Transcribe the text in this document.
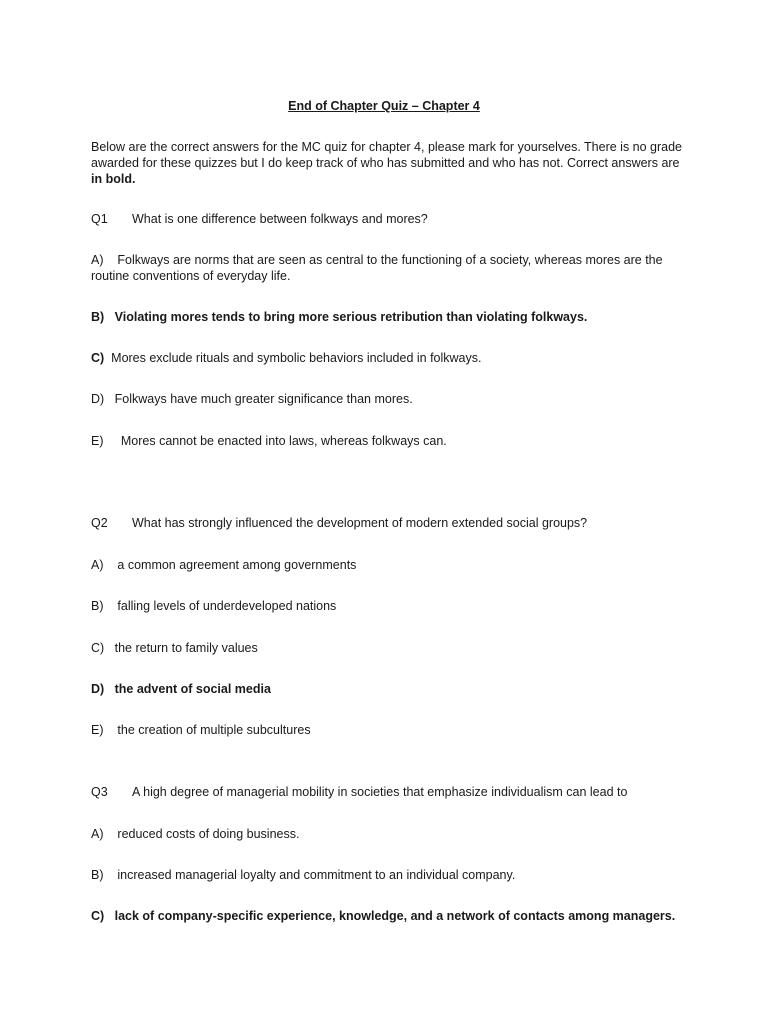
End of Chapter Quiz – Chapter 4
Below are the correct answers for the MC quiz for chapter 4, please mark for yourselves. There is no grade awarded for these quizzes but I do keep track of who has submitted and who has not. Correct answers are in bold.
Q1 What is one difference between folkways and mores?
A) Folkways are norms that are seen as central to the functioning of a society, whereas mores are the routine conventions of everyday life.
B) Violating mores tends to bring more serious retribution than violating folkways.
C) Mores exclude rituals and symbolic behaviors included in folkways.
D) Folkways have much greater significance than mores.
E) Mores cannot be enacted into laws, whereas folkways can.
Q2 What has strongly influenced the development of modern extended social groups?
A) a common agreement among governments
B) falling levels of underdeveloped nations
C) the return to family values
D) the advent of social media
E) the creation of multiple subcultures
Q3 A high degree of managerial mobility in societies that emphasize individualism can lead to
A) reduced costs of doing business.
B) increased managerial loyalty and commitment to an individual company.
C) lack of company-specific experience, knowledge, and a network of contacts among managers.
